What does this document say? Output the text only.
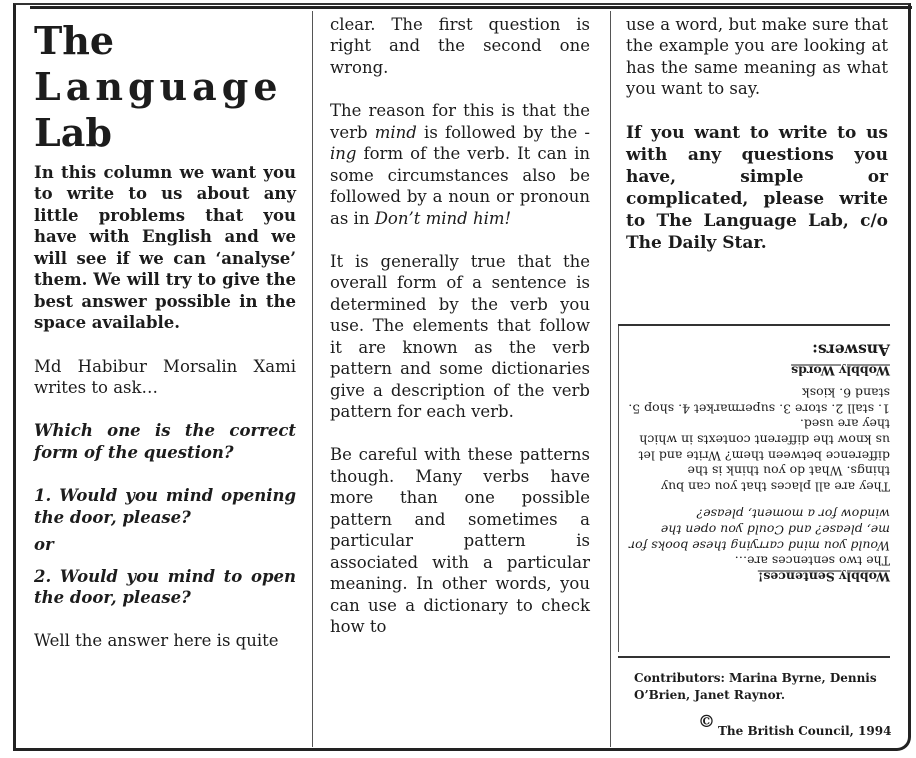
The
Language
Lab

In this column we want you to write to us about any little problems that you have with English and we will see if we can ‘analyse’ them. We will try to give the best answer possible in the space available.

Md Habibur Morsalin Xami writes to ask…

Which one is the correct form of the question?

1. Would you mind opening the door, please?

or

2. Would you mind to open the door, please?

Well the answer here is quite

clear. The first question is right and the second one wrong.

The reason for this is that the verb mind is followed by the -ing form of the verb. It can in some circumstances also be followed by a noun or pronoun as in Don’t mind him!

It is generally true that the overall form of a sentence is determined by the verb you use. The elements that follow it are known as the verb pattern and some dictionaries give a description of the verb pattern for each verb.

Be careful with these patterns though. Many verbs have more than one possible pattern and sometimes a particular pattern is associated with a particular meaning. In other words, you can use a dictionary to check how to

use a word, but make sure that the example you are looking at has the same meaning as what you want to say.

If you want to write to us with any questions you have, simple or complicated, please write to The Language Lab, c/o The Daily Star.

Wobbly Sentences!
The two sentences are…
Would you mind carrying these books for me, please? and Could you open the window for a moment, please?
They are all places that you can buy things. What do you think is the difference between them? Write and let us know the different contexts in which they are used.
1. stall 2. store 3. supermarket 4. shop 5. stand 6. kiosk
Wobbly Words
Answers:
Contributors: Marina Byrne, Dennis O’Brien, Janet Raynor.
© The British Council, 1994
